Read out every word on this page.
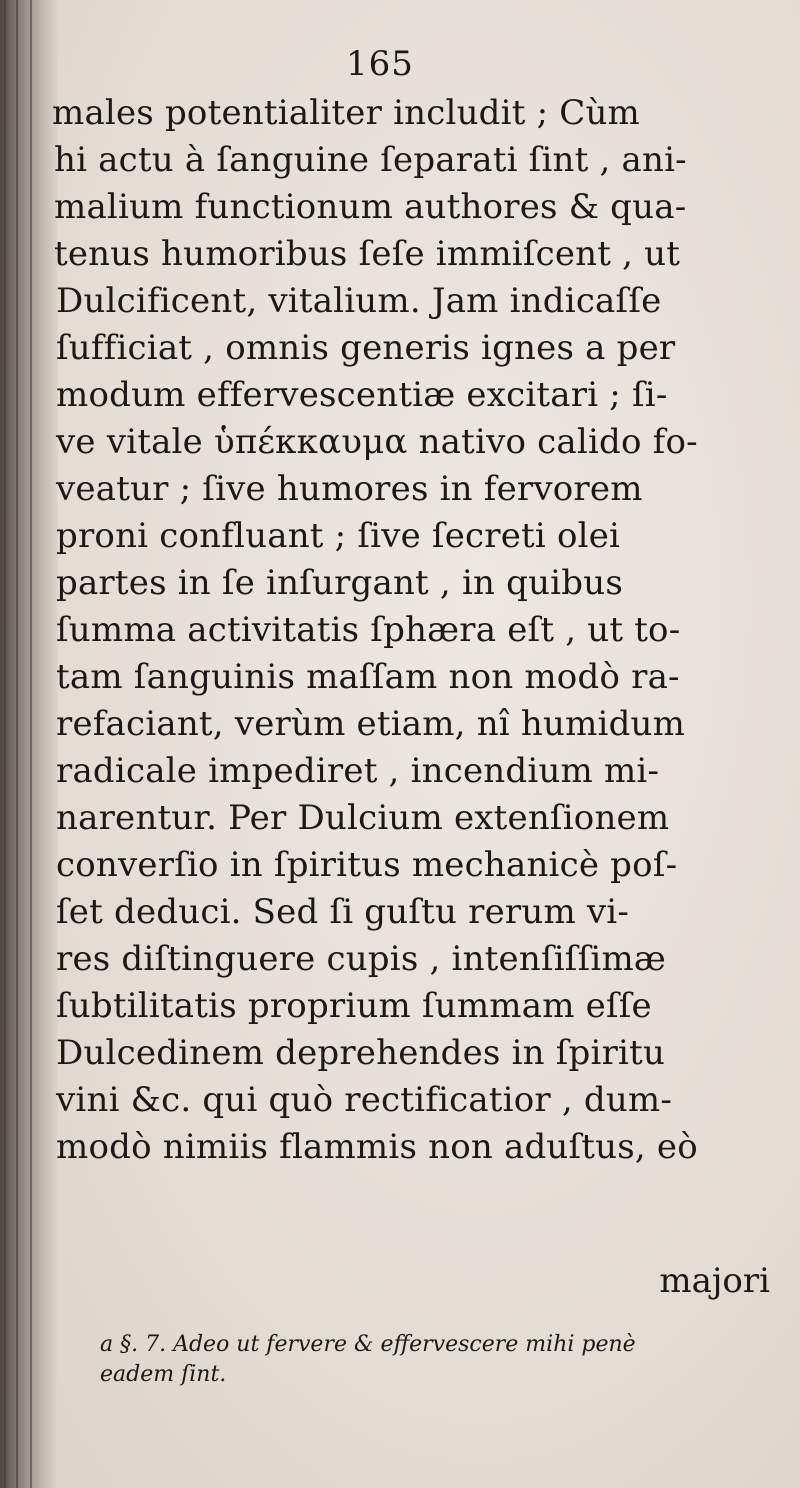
165
males potentialiter includit ; Cùm
hi actu à ſanguine ſeparati ſint , ani-
malium functionum authores & qua-
tenus humoribus ſeſe immiſcent , ut
Dulcificent, vitalium. Jam indicaſſe
ſufficiat , omnis generis ignes a per
modum effervescentiæ excitari ; ſi-
ve vitale ὑπέκκαυμα nativo calido fo-
veatur ; ſive humores in fervorem
proni confluant ; ſive ſecreti olei
partes in ſe inſurgant , in quibus
ſumma activitatis ſphæra eſt , ut to-
tam ſanguinis maſſam non modò ra-
refaciant, verùm etiam, nî humidum
radicale impediret , incendium mi-
narentur. Per Dulcium extenſionem
converſio in ſpiritus mechanicè poſ-
ſet deduci. Sed ſi guſtu rerum vi-
res diſtinguere cupis , intenſiſſimæ
ſubtilitatis proprium ſummam eſſe
Dulcedinem deprehendes in ſpiritu
vini &c. qui quò rectificatior , dum-
modò nimiis flammis non aduſtus, eò
majori
a §. 7. Adeo ut fervere & effervescere mihi penè
eadem ſint.
